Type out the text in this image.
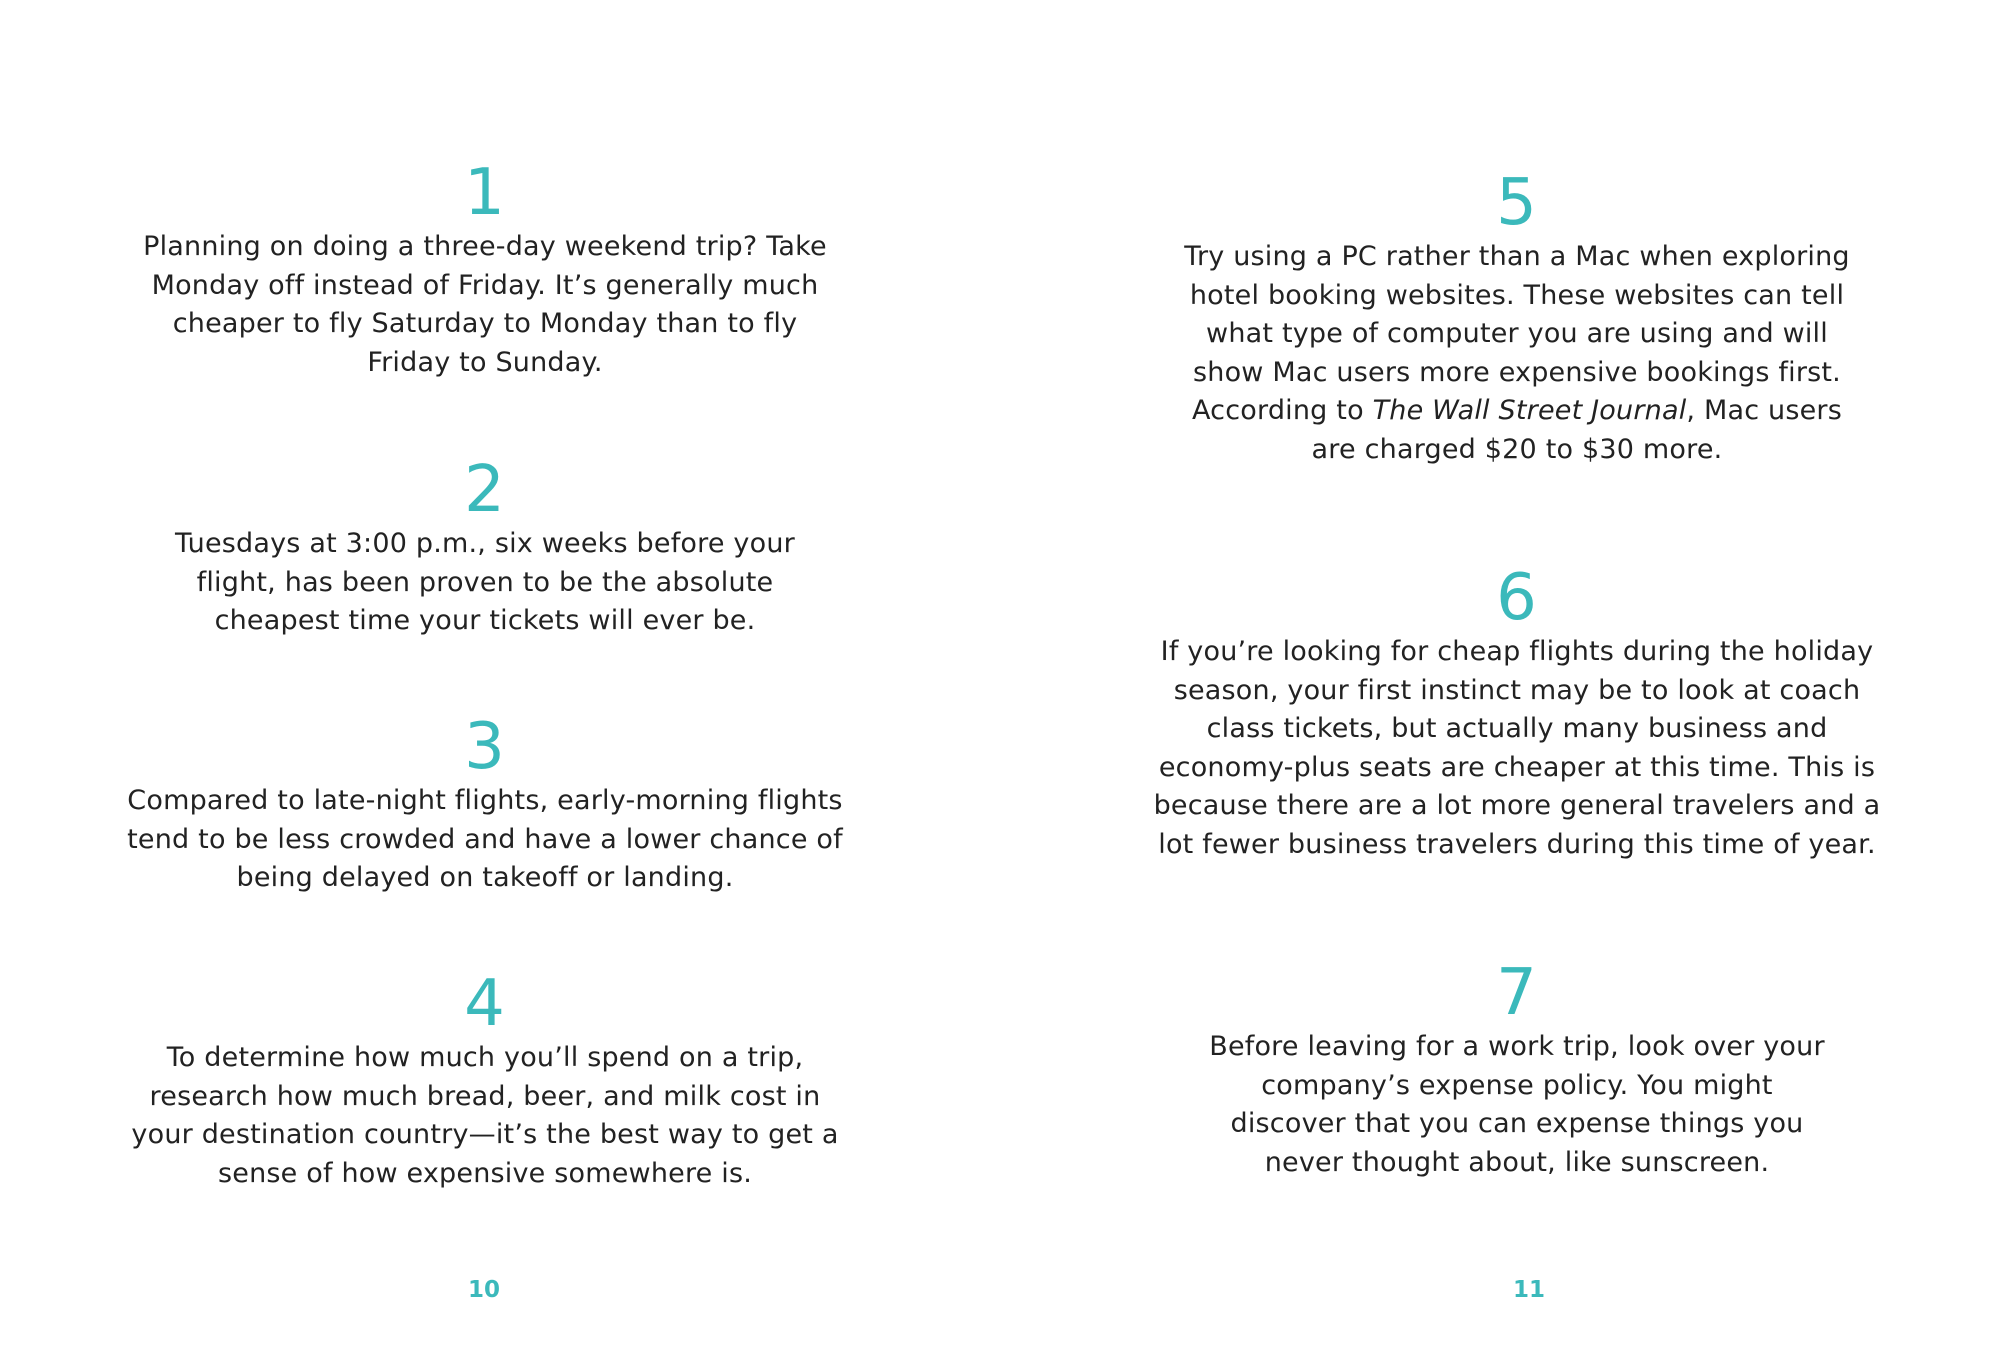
1

Planning on doing a three-day weekend trip? Take Monday off instead of Friday. It’s generally much cheaper to fly Saturday to Monday than to fly Friday to Sunday.

2

Tuesdays at 3:00 p.m., six weeks before your flight, has been proven to be the absolute cheapest time your tickets will ever be.

3

Compared to late-night flights, early-morning flights tend to be less crowded and have a lower chance of being delayed on takeoff or landing.

4

To determine how much you’ll spend on a trip, research how much bread, beer, and milk cost in your destination country—it’s the best way to get a sense of how expensive somewhere is.

10
5

Try using a PC rather than a Mac when exploring hotel booking websites. These websites can tell what type of computer you are using and will show Mac users more expensive bookings first. According to The Wall Street Journal, Mac users are charged $20 to $30 more.

6

If you’re looking for cheap flights during the holiday season, your first instinct may be to look at coach class tickets, but actually many business and economy-plus seats are cheaper at this time. This is because there are a lot more general travelers and a lot fewer business travelers during this time of year.

7

Before leaving for a work trip, look over your company’s expense policy. You might discover that you can expense things you never thought about, like sunscreen.

11
